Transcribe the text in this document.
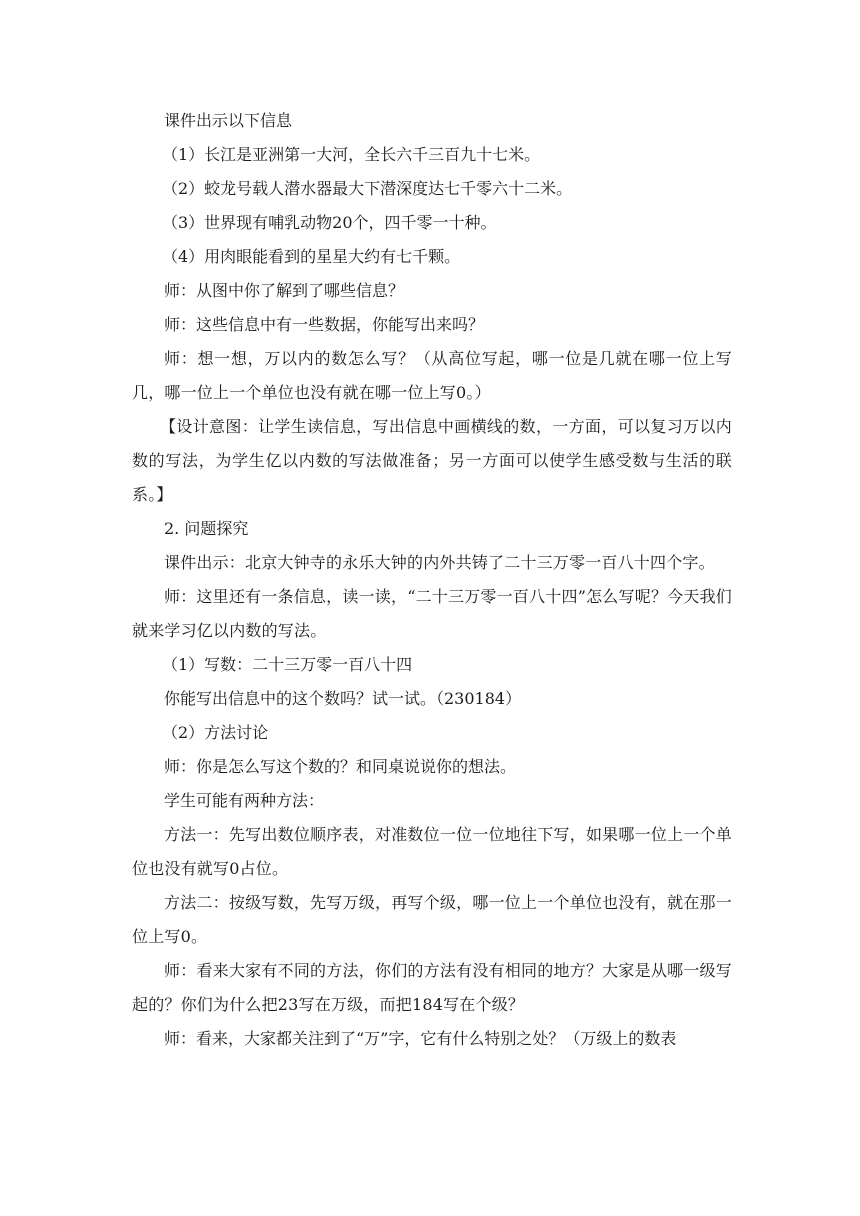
课件出示以下信息

（1）长江是亚洲第一大河，全长六千三百九十七米。

（2）蛟龙号载人潜水器最大下潜深度达七千零六十二米。

（3）世界现有哺乳动物20个，四千零一十种。

（4）用肉眼能看到的星星大约有七千颗。

师：从图中你了解到了哪些信息？

师：这些信息中有一些数据，你能写出来吗？

师：想一想，万以内的数怎么写？（从高位写起，哪一位是几就在哪一位上写几，哪一位上一个单位也没有就在哪一位上写0。）

【设计意图：让学生读信息，写出信息中画横线的数，一方面，可以复习万以内数的写法，为学生亿以内数的写法做准备；另一方面可以使学生感受数与生活的联系。】

2. 问题探究

课件出示：北京大钟寺的永乐大钟的内外共铸了二十三万零一百八十四个字。

师：这里还有一条信息，读一读，“二十三万零一百八十四”怎么写呢？今天我们就来学习亿以内数的写法。

（1）写数：二十三万零一百八十四

你能写出信息中的这个数吗？试一试。（230184）

（2）方法讨论

师：你是怎么写这个数的？和同桌说说你的想法。

学生可能有两种方法：

方法一：先写出数位顺序表，对准数位一位一位地往下写，如果哪一位上一个单位也没有就写0占位。

方法二：按级写数，先写万级，再写个级，哪一位上一个单位也没有，就在那一位上写0。

师：看来大家有不同的方法，你们的方法有没有相同的地方？大家是从哪一级写起的？你们为什么把23写在万级，而把184写在个级？

师：看来，大家都关注到了“万”字，它有什么特别之处？（万级上的数表
